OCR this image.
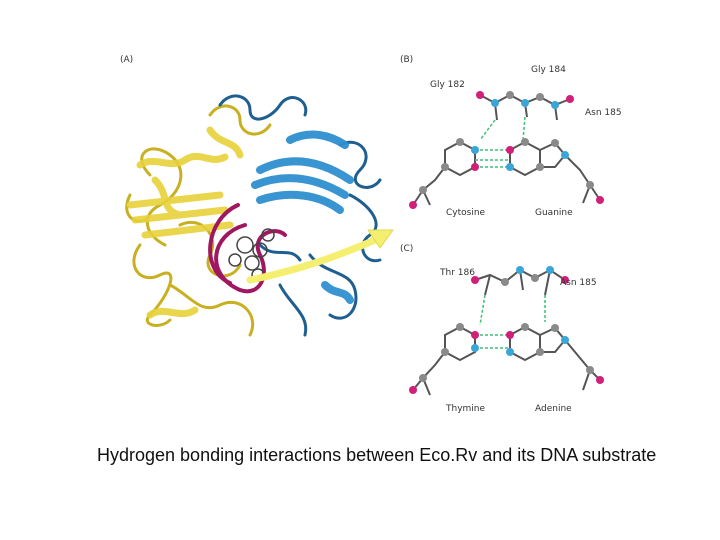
(A)	(B)
(C)
Gly 182
Gly 184
Asn 185
Cytosine	Guanine
Thr 186
Asn 185
Thymine	Adenine
Hydrogen bonding interactions between Eco.Rv and its DNA substrate
